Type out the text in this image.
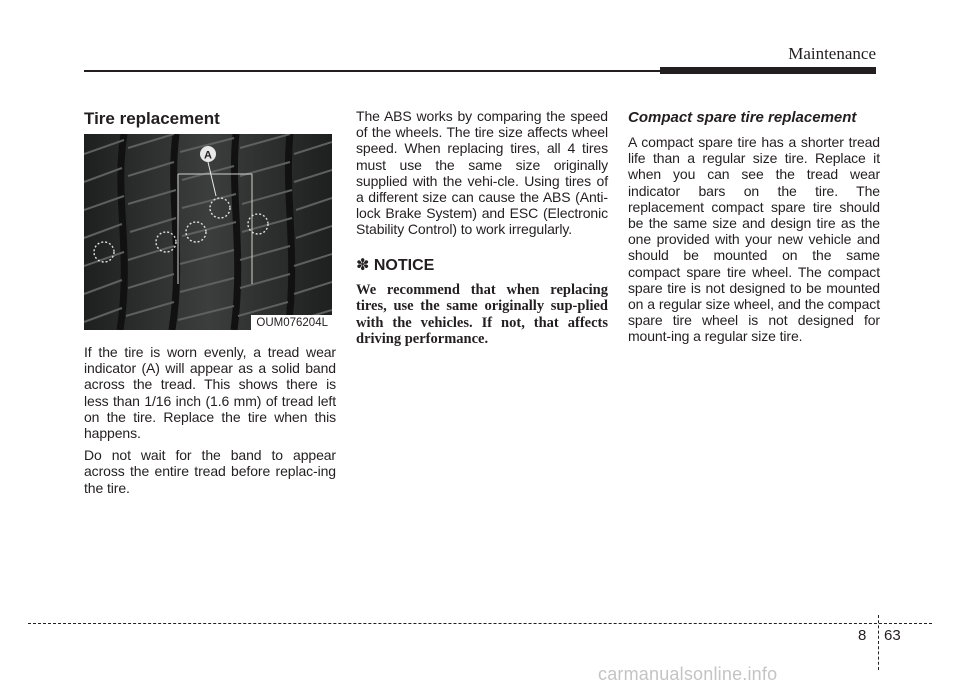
Maintenance
Tire replacement
A
OUM076204L

If the tire is worn evenly, a tread wear indicator (A) will appear as a solid band across the tread. This shows there is less than 1/16 inch (1.6 mm) of tread left on the tire. Replace the tire when this happens.

Do not wait for the band to appear across the entire tread before replac-ing the tire.

The ABS works by comparing the speed of the wheels. The tire size affects wheel speed. When replacing tires, all 4 tires must use the same size originally supplied with the vehi-cle. Using tires of a different size can cause the ABS (Anti-lock Brake System) and ESC (Electronic Stability Control) to work irregularly.

✽ NOTICE

We recommend that when replacing tires, use the same originally sup-plied with the vehicles. If not, that affects driving performance.

Compact spare tire replacement

A compact spare tire has a shorter tread life than a regular size tire. Replace it when you can see the tread wear indicator bars on the tire. The replacement compact spare tire should be the same size and design tire as the one provided with your new vehicle and should be mounted on the same compact spare tire wheel. The compact spare tire is not designed to be mounted on a regular size wheel, and the compact spare tire wheel is not designed for mount-ing a regular size tire.

8 63
carmanualsonline.info
